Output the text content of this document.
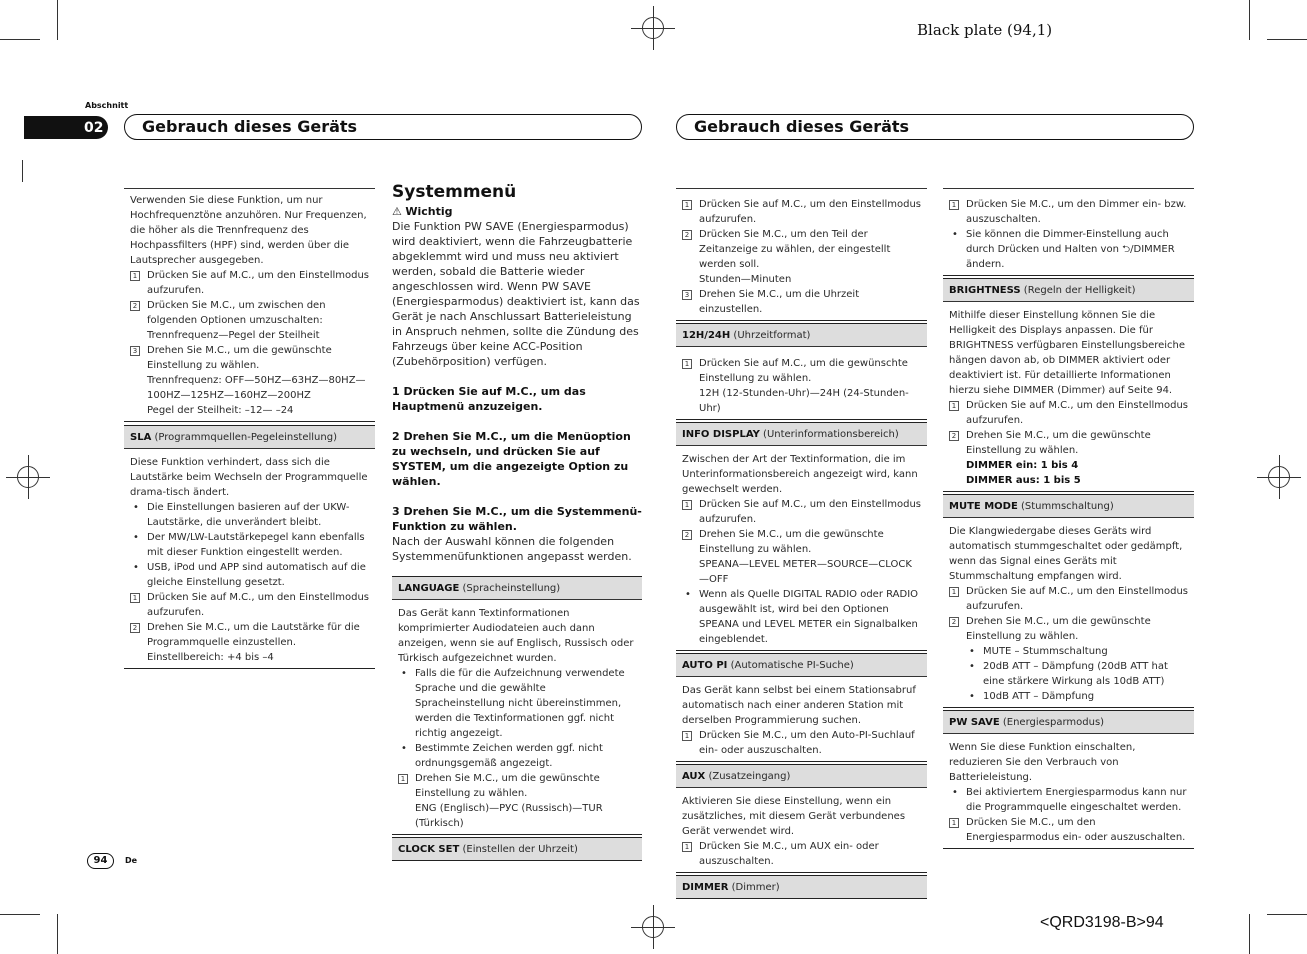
Black plate (94,1)
<QRD3198-B>94
Abschnitt
02	Gebrauch dieses Geräts	Gebrauch dieses Geräts
94	De
Verwenden Sie diese Funktion, um nur Hochfrequenztöne anzuhören. Nur Frequenzen, die höher als die Trennfrequenz des Hochpassfilters (HPF) sind, werden über die Lautsprecher ausgegeben.
1 Drücken Sie auf M.C., um den Einstellmodus aufzurufen.
2 Drücken Sie M.C., um zwischen den folgenden Optionen umzuschalten:
Trennfrequenz—Pegel der Steilheit
3 Drehen Sie M.C., um die gewünschte Einstellung zu wählen.
Trennfrequenz: OFF—50HZ—63HZ—80HZ—100HZ—125HZ—160HZ—200HZ
Pegel der Steilheit: –12— –24
SLA (Programmquellen-Pegeleinstellung)
Diese Funktion verhindert, dass sich die Lautstärke beim Wechseln der Programmquelle drama-tisch ändert.
• Die Einstellungen basieren auf der UKW-Lautstärke, die unverändert bleibt.
• Der MW/LW-Lautstärkepegel kann ebenfalls mit dieser Funktion eingestellt werden.
• USB, iPod und APP sind automatisch auf die gleiche Einstellung gesetzt.
1 Drücken Sie auf M.C., um den Einstellmodus aufzurufen.
2 Drehen Sie M.C., um die Lautstärke für die Programmquelle einzustellen.
Einstellbereich: +4 bis –4
Systemmenü
⚠ Wichtig
Die Funktion PW SAVE (Energiesparmodus) wird deaktiviert, wenn die Fahrzeugbatterie abgeklemmt wird und muss neu aktiviert werden, sobald die Batterie wieder angeschlossen wird. Wenn PW SAVE (Energiesparmodus) deaktiviert ist, kann das Gerät je nach Anschlussart Batterieleistung in Anspruch nehmen, sollte die Zündung des Fahrzeugs über keine ACC-Position (Zubehörposition) verfügen.
1 Drücken Sie auf M.C., um das Hauptmenü anzuzeigen.
2 Drehen Sie M.C., um die Menüoption zu wechseln, und drücken Sie auf SYSTEM, um die angezeigte Option zu wählen.
3 Drehen Sie M.C., um die Systemmenü-Funktion zu wählen.
Nach der Auswahl können die folgenden Systemmenüfunktionen angepasst werden.
LANGUAGE (Spracheinstellung)
Das Gerät kann Textinformationen komprimierter Audiodateien auch dann anzeigen, wenn sie auf Englisch, Russisch oder Türkisch aufgezeichnet wurden.
• Falls die für die Aufzeichnung verwendete Sprache und die gewählte Spracheinstellung nicht übereinstimmen, werden die Textinformationen ggf. nicht richtig angezeigt.
• Bestimmte Zeichen werden ggf. nicht ordnungsgemäß angezeigt.
1 Drehen Sie M.C., um die gewünschte Einstellung zu wählen.
ENG (Englisch)—РУС (Russisch)—TUR (Türkisch)
CLOCK SET (Einstellen der Uhrzeit)
1 Drücken Sie auf M.C., um den Einstellmodus aufzurufen.
2 Drücken Sie M.C., um den Teil der Zeitanzeige zu wählen, der eingestellt werden soll.
Stunden—Minuten
3 Drehen Sie M.C., um die Uhrzeit einzustellen.
12H/24H (Uhrzeitformat)
1 Drücken Sie auf M.C., um die gewünschte Einstellung zu wählen.
12H (12-Stunden-Uhr)—24H (24-Stunden-Uhr)
INFO DISPLAY (Unterinformationsbereich)
Zwischen der Art der Textinformation, die im Unterinformationsbereich angezeigt wird, kann gewechselt werden.
1 Drücken Sie auf M.C., um den Einstellmodus aufzurufen.
2 Drehen Sie M.C., um die gewünschte Einstellung zu wählen.
SPEANA—LEVEL METER—SOURCE—CLOCK—OFF
• Wenn als Quelle DIGITAL RADIO oder RADIO ausgewählt ist, wird bei den Optionen SPEANA und LEVEL METER ein Signalbalken eingeblendet.
AUTO PI (Automatische PI-Suche)
Das Gerät kann selbst bei einem Stationsabruf automatisch nach einer anderen Station mit derselben Programmierung suchen.
1 Drücken Sie M.C., um den Auto-PI-Suchlauf ein- oder auszuschalten.
AUX (Zusatzeingang)
Aktivieren Sie diese Einstellung, wenn ein zusätzliches, mit diesem Gerät verbundenes Gerät verwendet wird.
1 Drücken Sie M.C., um AUX ein- oder auszuschalten.
DIMMER (Dimmer)
1 Drücken Sie M.C., um den Dimmer ein- bzw. auszuschalten.
• Sie können die Dimmer-Einstellung auch durch Drücken und Halten von ⮌/DIMMER ändern.
BRIGHTNESS (Regeln der Helligkeit)
Mithilfe dieser Einstellung können Sie die Helligkeit des Displays anpassen. Die für BRIGHTNESS verfügbaren Einstellungsbereiche hängen davon ab, ob DIMMER aktiviert oder deaktiviert ist. Für detaillierte Informationen hierzu siehe DIMMER (Dimmer) auf Seite 94.
1 Drücken Sie auf M.C., um den Einstellmodus aufzurufen.
2 Drehen Sie M.C., um die gewünschte Einstellung zu wählen.
DIMMER ein: 1 bis 4
DIMMER aus: 1 bis 5
MUTE MODE (Stummschaltung)
Die Klangwiedergabe dieses Geräts wird automatisch stummgeschaltet oder gedämpft, wenn das Signal eines Geräts mit Stummschaltung empfangen wird.
1 Drücken Sie auf M.C., um den Einstellmodus aufzurufen.
2 Drehen Sie M.C., um die gewünschte Einstellung zu wählen.
• MUTE – Stummschaltung
• 20dB ATT – Dämpfung (20dB ATT hat eine stärkere Wirkung als 10dB ATT)
• 10dB ATT – Dämpfung
PW SAVE (Energiesparmodus)
Wenn Sie diese Funktion einschalten, reduzieren Sie den Verbrauch von Batterieleistung.
• Bei aktiviertem Energiesparmodus kann nur die Programmquelle eingeschaltet werden.
1 Drücken Sie M.C., um den Energiesparmodus ein- oder auszuschalten.
